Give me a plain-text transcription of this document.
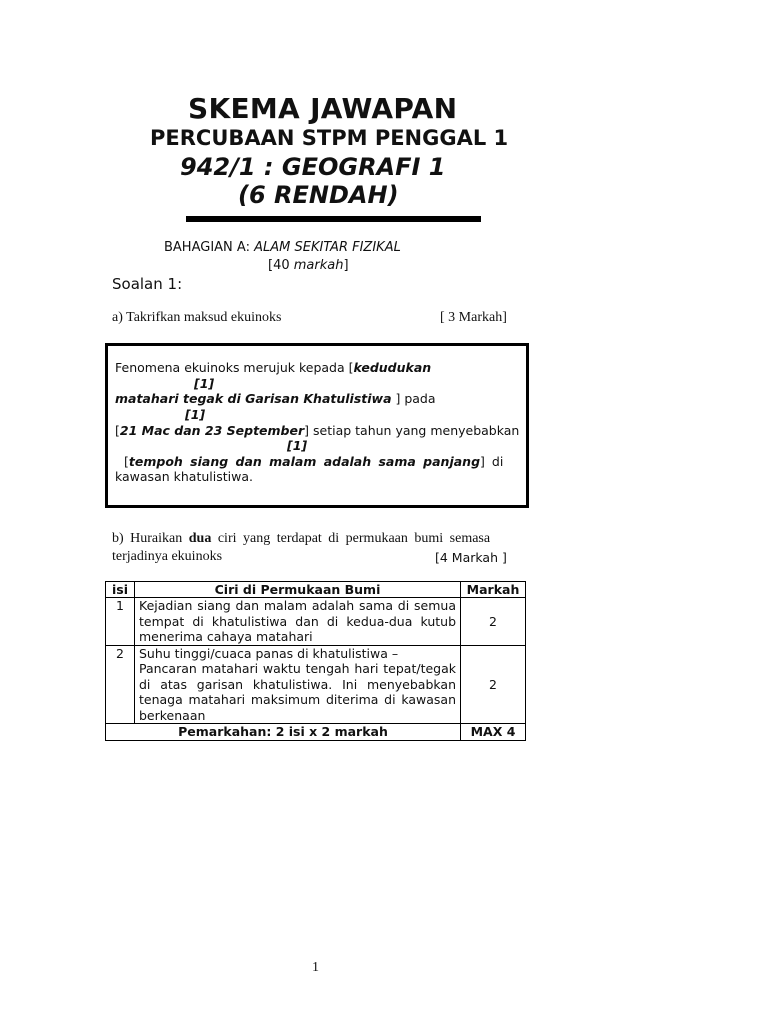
SKEMA JAWAPAN
PERCUBAAN STPM PENGGAL 1
942/1 : GEOGRAFI 1
(6 RENDAH)
BAHAGIAN A: ALAM SEKITAR FIZIKAL
[40 markah]
Soalan 1:
a) Takrifkan maksud ekuinoks	[ 3 Markah]
Fenomena ekuinoks merujuk kepada [kedudukan
[1]
matahari tegak di Garisan Khatulistiwa ] pada
[1]
[21 Mac dan 23 September] setiap tahun yang menyebabkan
[1]
[tempoh siang dan malam adalah sama panjang] di
kawasan khatulistiwa.
b) Huraikan dua ciri yang terdapat di permukaan bumi semasa
terjadinya ekuinoks	[4 Markah ]
isi	Ciri di Permukaan Bumi	Markah
1	Kejadian siang dan malam adalah sama di semua tempat di khatulistiwa dan di kedua-dua kutub menerima cahaya matahari	2
2	Suhu tinggi/cuaca panas di khatulistiwa –
Pancaran matahari waktu tengah hari tepat/tegak di atas garisan khatulistiwa. Ini menyebabkan tenaga matahari maksimum diterima di kawasan berkenaan	2
Pemarkahan: 2 isi x 2 markah		MAX 4
1
